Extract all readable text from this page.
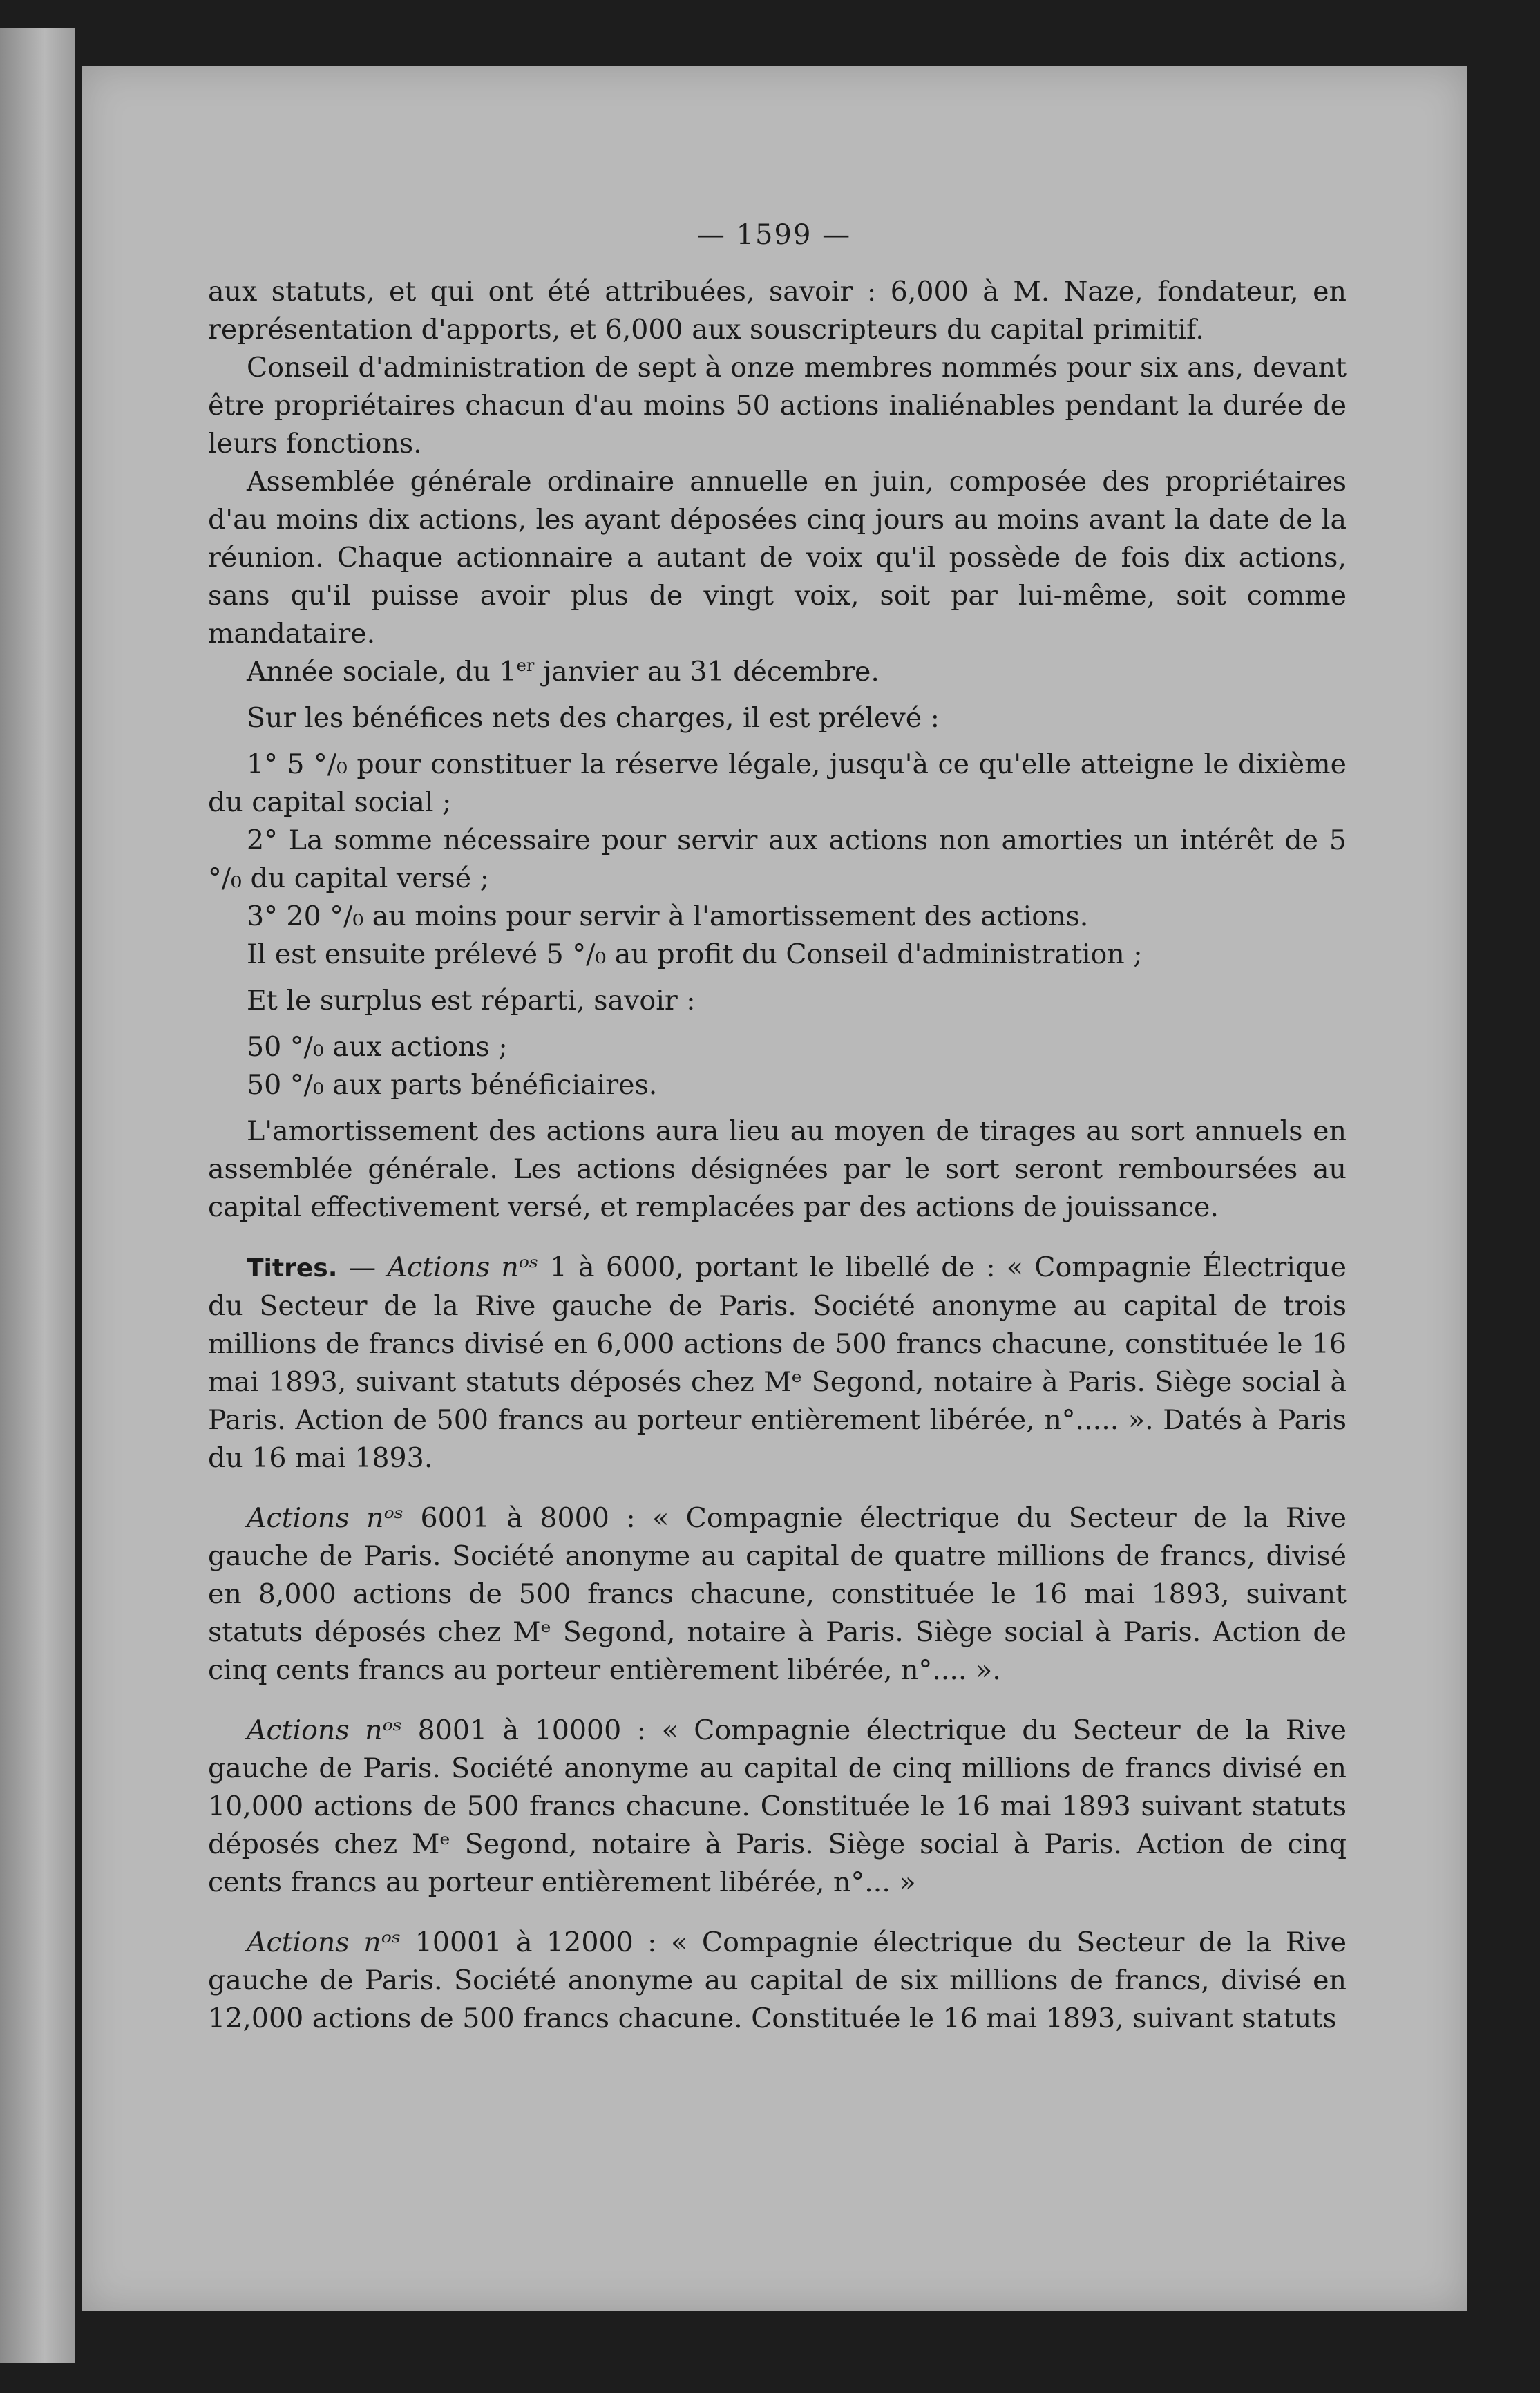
— 1599 —

aux statuts, et qui ont été attribuées, savoir : 6,000 à M. Naze, fondateur, en représentation d'apports, et 6,000 aux souscripteurs du capital primitif.

Conseil d'administration de sept à onze membres nommés pour six ans, devant être propriétaires chacun d'au moins 50 actions inaliénables pendant la durée de leurs fonctions.

Assemblée générale ordinaire annuelle en juin, composée des propriétaires d'au moins dix actions, les ayant déposées cinq jours au moins avant la date de la réunion. Chaque actionnaire a autant de voix qu'il possède de fois dix actions, sans qu'il puisse avoir plus de vingt voix, soit par lui-même, soit comme mandataire.

Année sociale, du 1er janvier au 31 décembre.

Sur les bénéfices nets des charges, il est prélevé :

1° 5 °/₀ pour constituer la réserve légale, jusqu'à ce qu'elle atteigne le dixième du capital social ;

2° La somme nécessaire pour servir aux actions non amorties un intérêt de 5 °/₀ du capital versé ;

3° 20 °/₀ au moins pour servir à l'amortissement des actions.

Il est ensuite prélevé 5 °/₀ au profit du Conseil d'administration ;

Et le surplus est réparti, savoir :

50 °/₀ aux actions ;

50 °/₀ aux parts bénéficiaires.

L'amortissement des actions aura lieu au moyen de tirages au sort annuels en assemblée générale. Les actions désignées par le sort seront remboursées au capital effectivement versé, et remplacées par des actions de jouissance.

Titres. — Actions nᵒˢ 1 à 6000, portant le libellé de : « Compagnie Électrique du Secteur de la Rive gauche de Paris. Société anonyme au capital de trois millions de francs divisé en 6,000 actions de 500 francs chacune, constituée le 16 mai 1893, suivant statuts déposés chez Mᵉ Segond, notaire à Paris. Siège social à Paris. Action de 500 francs au porteur entièrement libérée, n°..... ». Datés à Paris du 16 mai 1893.

Actions nᵒˢ 6001 à 8000 : « Compagnie électrique du Secteur de la Rive gauche de Paris. Société anonyme au capital de quatre millions de francs, divisé en 8,000 actions de 500 francs chacune, constituée le 16 mai 1893, suivant statuts déposés chez Mᵉ Segond, notaire à Paris. Siège social à Paris. Action de cinq cents francs au porteur entièrement libérée, n°.... ».

Actions nᵒˢ 8001 à 10000 : « Compagnie électrique du Secteur de la Rive gauche de Paris. Société anonyme au capital de cinq millions de francs divisé en 10,000 actions de 500 francs chacune. Constituée le 16 mai 1893 suivant statuts déposés chez Mᵉ Segond, notaire à Paris. Siège social à Paris. Action de cinq cents francs au porteur entièrement libérée, n°... »

Actions nᵒˢ 10001 à 12000 : « Compagnie électrique du Secteur de la Rive gauche de Paris. Société anonyme au capital de six millions de francs, divisé en 12,000 actions de 500 francs chacune. Constituée le 16 mai 1893, suivant statuts
